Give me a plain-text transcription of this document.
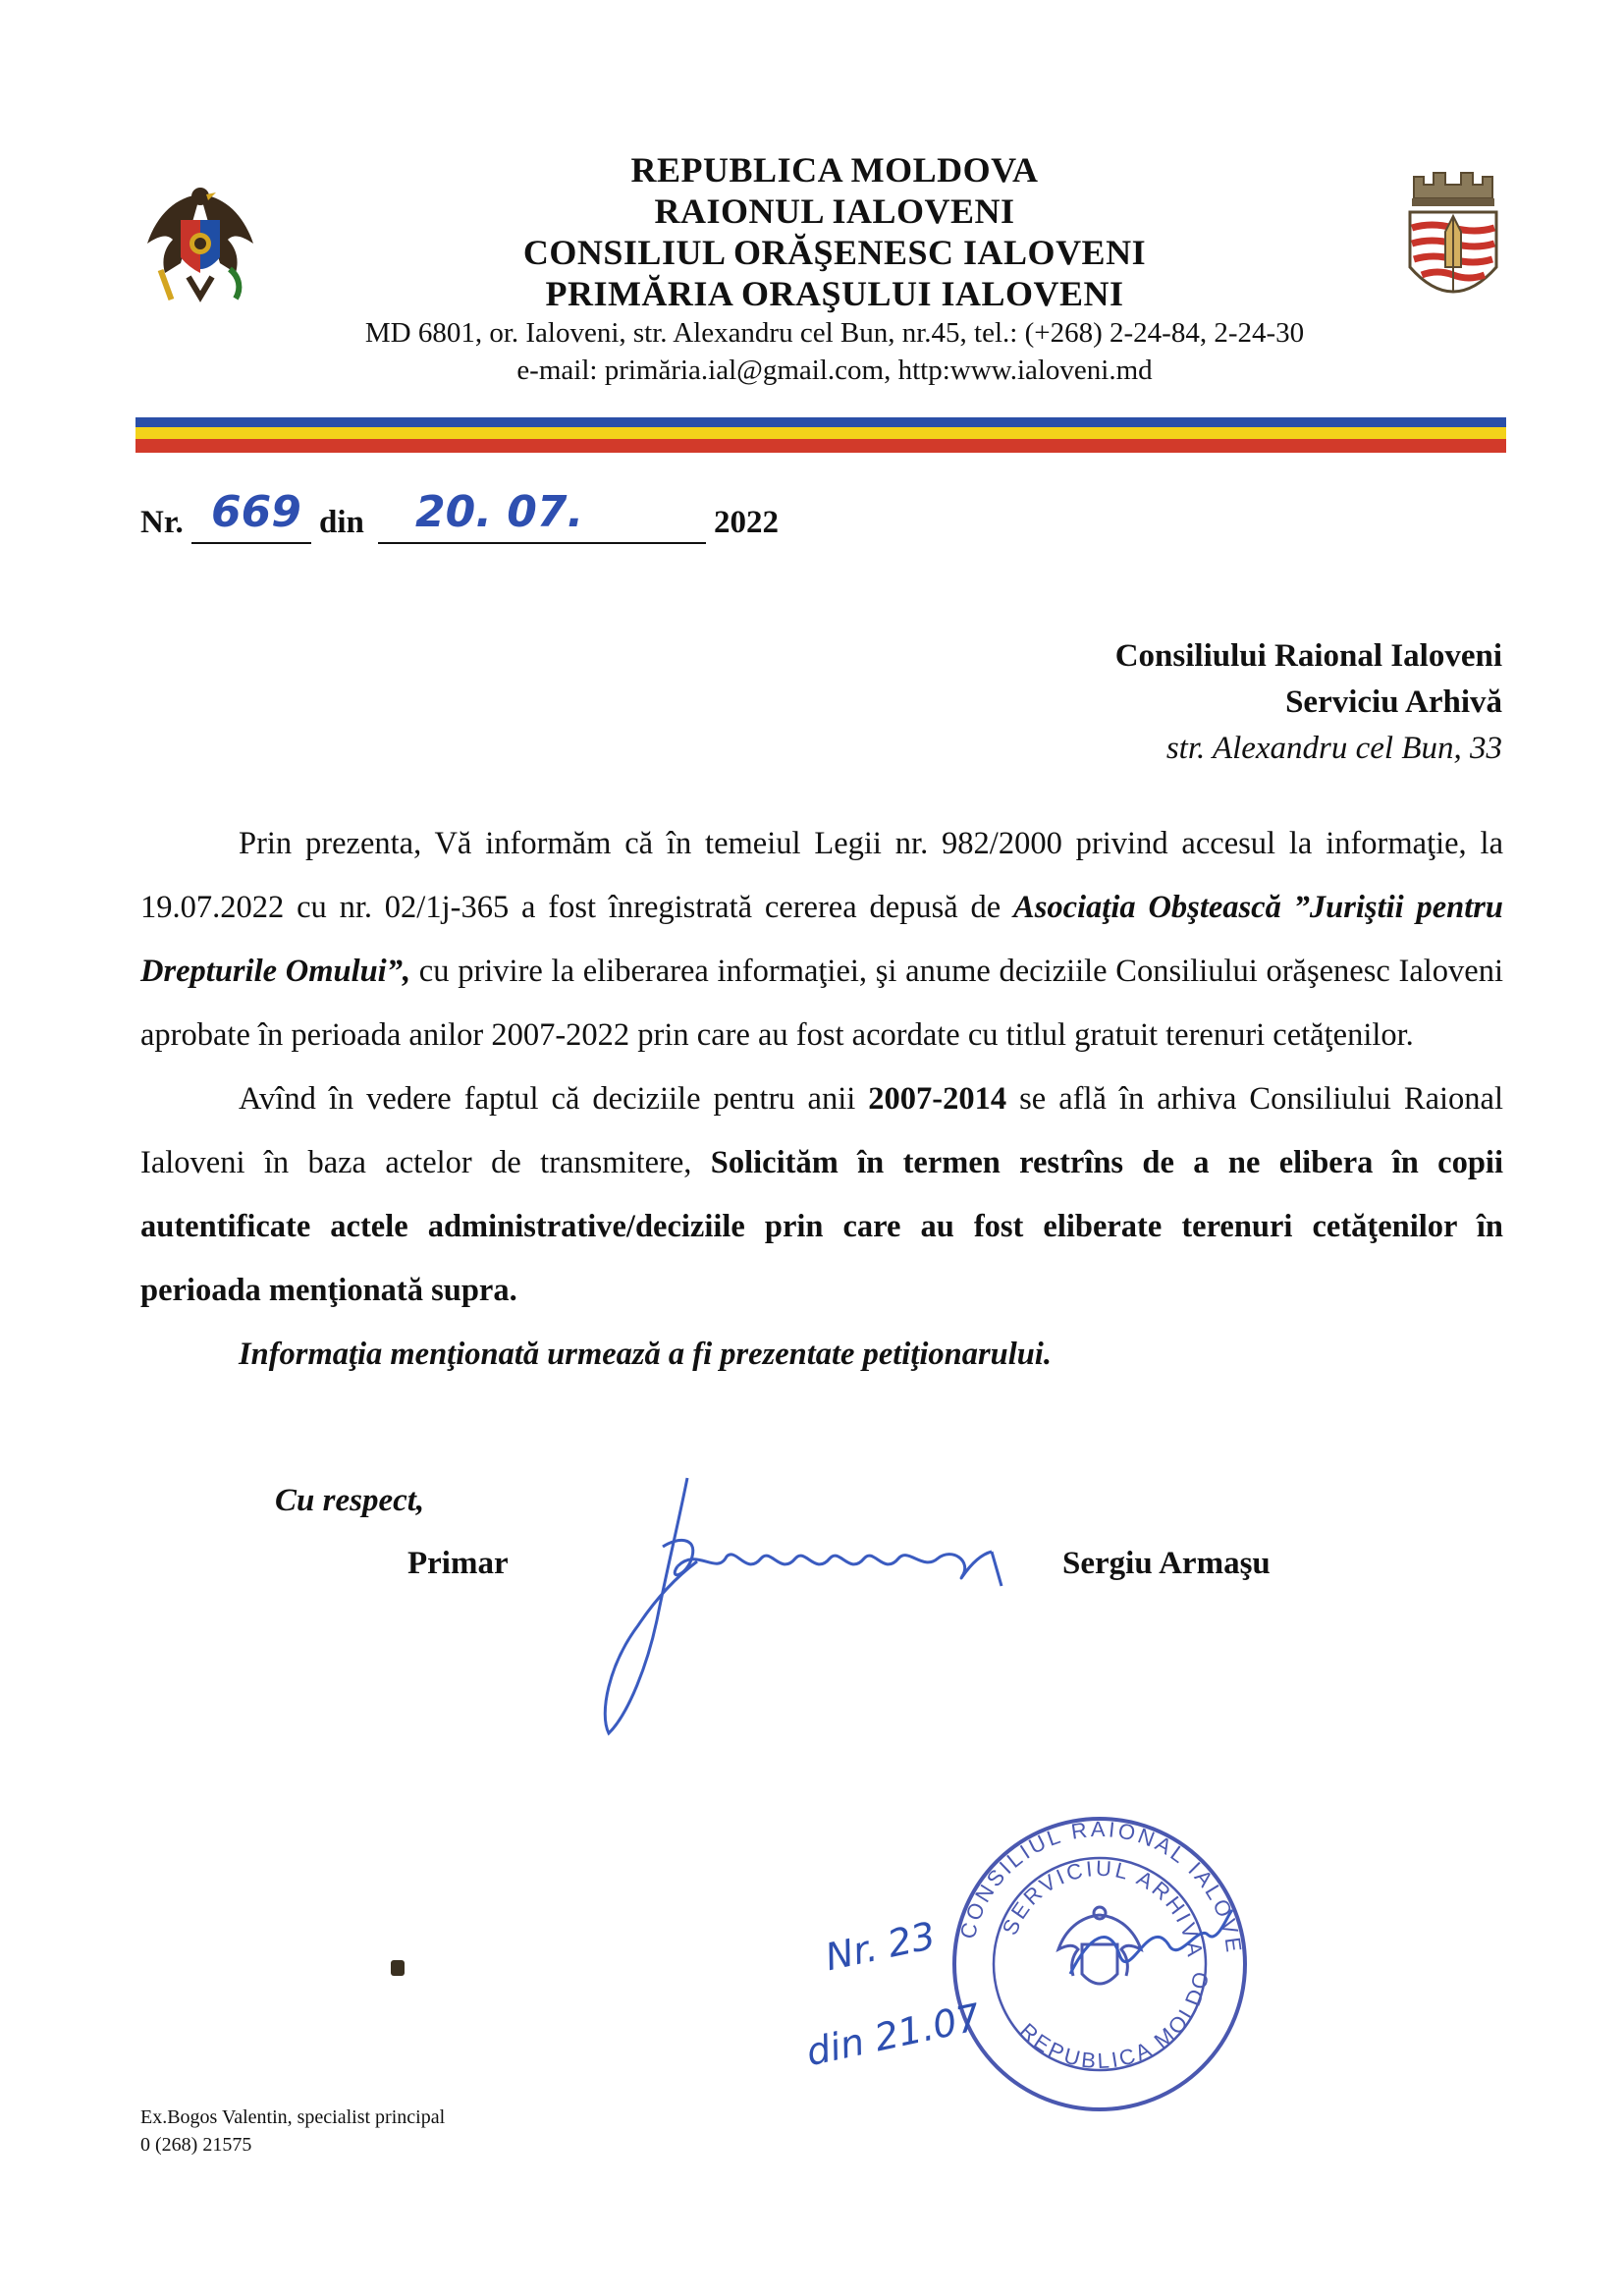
REPUBLICA MOLDOVA
RAIONUL IALOVENI
CONSILIUL ORĂŞENESC IALOVENI
PRIMĂRIA ORAŞULUI IALOVENI
MD 6801, or. Ialoveni, str. Alexandru cel Bun, nr.45, tel.: (+268) 2-24-84, 2-24-30
e-mail: primăria.ial@gmail.com, http:www.ialoveni.md
Nr. 669 din 20. 07.	2022
Consiliului Raional Ialoveni
Serviciu Arhivă
str. Alexandru cel Bun, 33

Prin prezenta, Vă informăm că în temeiul Legii nr. 982/2000 privind accesul la informaţie, la 19.07.2022 cu nr. 02/1j-365 a fost înregistrată cererea depusă de Asociaţia Obştească ”Juriştii pentru Drepturile Omului”, cu privire la eliberarea informaţiei, şi anume deciziile Consiliului orăşenesc Ialoveni aprobate în perioada anilor 2007-2022 prin care au fost acordate cu titlul gratuit terenuri cetăţenilor.

Avînd în vedere faptul că deciziile pentru anii 2007-2014 se află în arhiva Consiliului Raional Ialoveni în baza actelor de transmitere, Solicităm în termen restrîns de a ne elibera în copii autentificate actele administrative/deciziile prin care au fost eliberate terenuri cetăţenilor în perioada menţionată supra.

Informaţia menţionată urmează a fi prezentate petiţionarului.

Cu respect,
Primar	Sergiu Armaşu
CONSILIUL RAIONAL IALOVE
SERVICIUL ARHIVĂ
REPUBLICA MOLDO
Nr. 23
din 21.07
Ex.Bogos Valentin, specialist principal
0 (268) 21575
